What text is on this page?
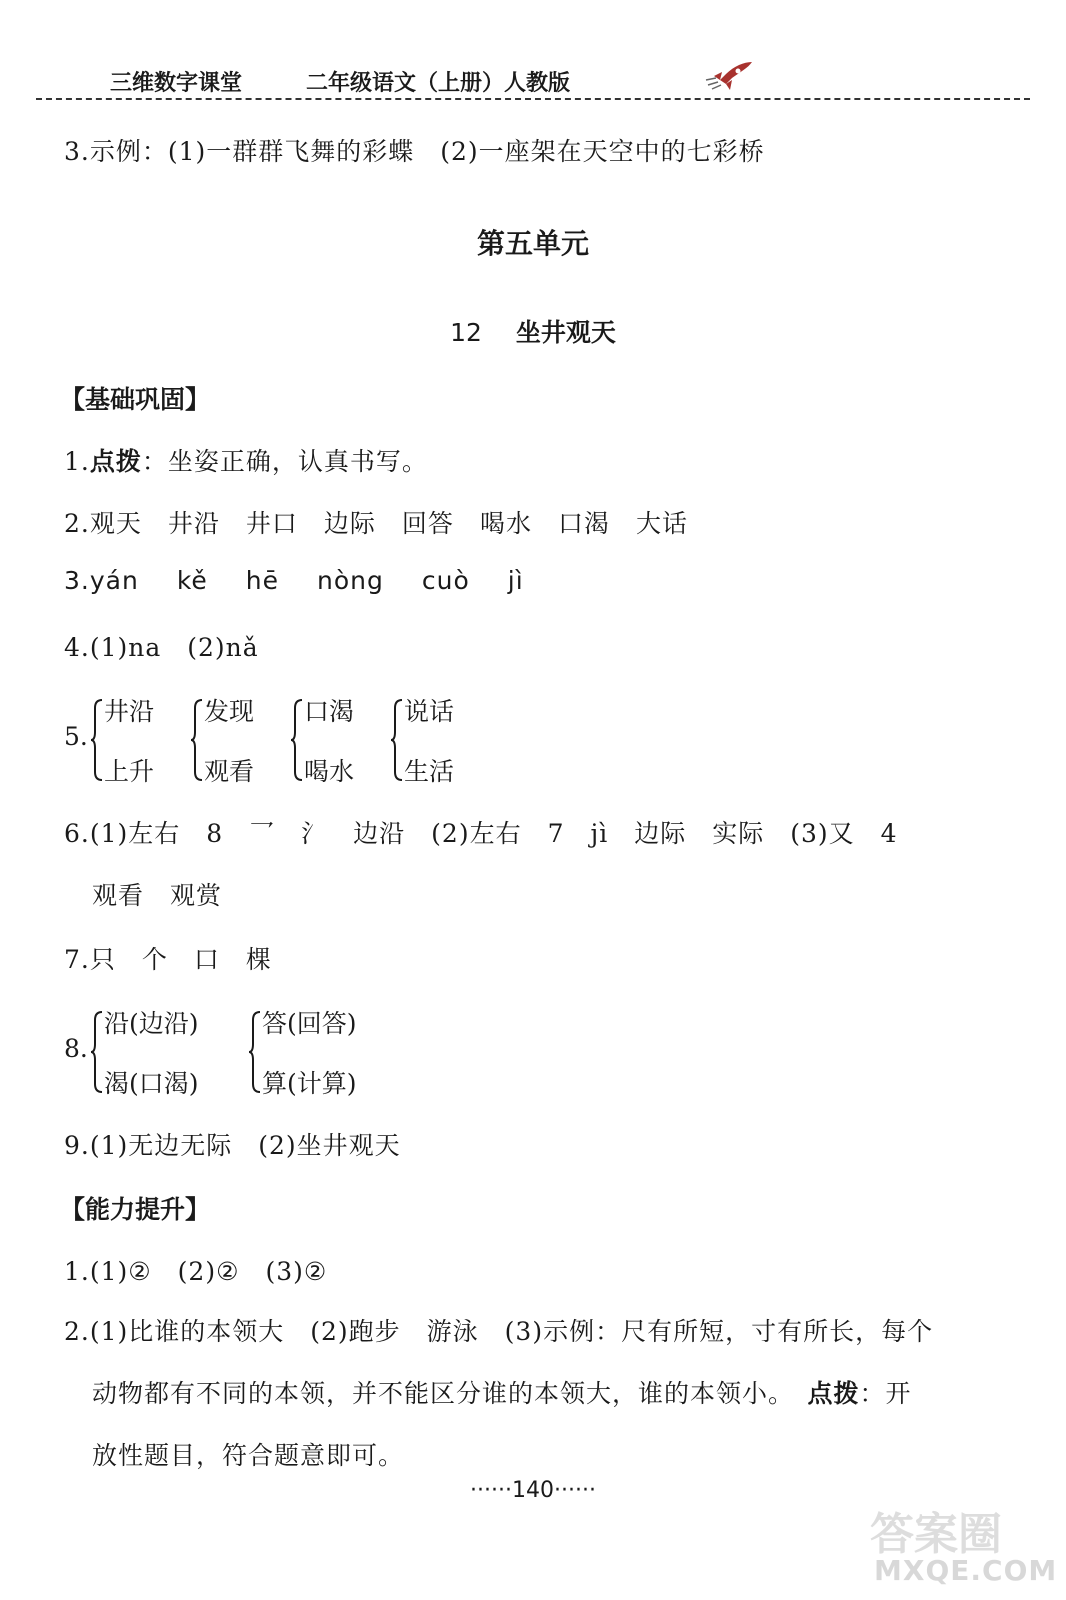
三维数字课堂	二年级语文（上册）人教版
3.示例：(1)一群群飞舞的彩蝶　(2)一座架在天空中的七彩桥
第五单元
12 坐井观天
【基础巩固】
1.点拨：坐姿正确，认真书写。
2.观天 井沿 井口 边际 回答 喝水 口渴 大话
3.yán kě hē nòng cuò jì
4.(1)na　(2)nǎ
5.
井沿
上升
发现
观看
口渴
喝水
说话
生活
6.(1)左右　8　乛　氵　边沿　(2)左右　7　jì　边际　实际　(3)又　4
观看　观赏
7.只　个　口　棵
8.
沿(边沿)
渴(口渴)
答(回答)
算(计算)
9.(1)无边无际　(2)坐井观天
【能力提升】
1.(1)②　(2)②　(3)②
2.(1)比谁的本领大　(2)跑步　游泳　(3)示例：尺有所短，寸有所长，每个
动物都有不同的本领，并不能区分谁的本领大，谁的本领小。　点拨：开
放性题目，符合题意即可。
······140······
答案圈
MXQE.COM
